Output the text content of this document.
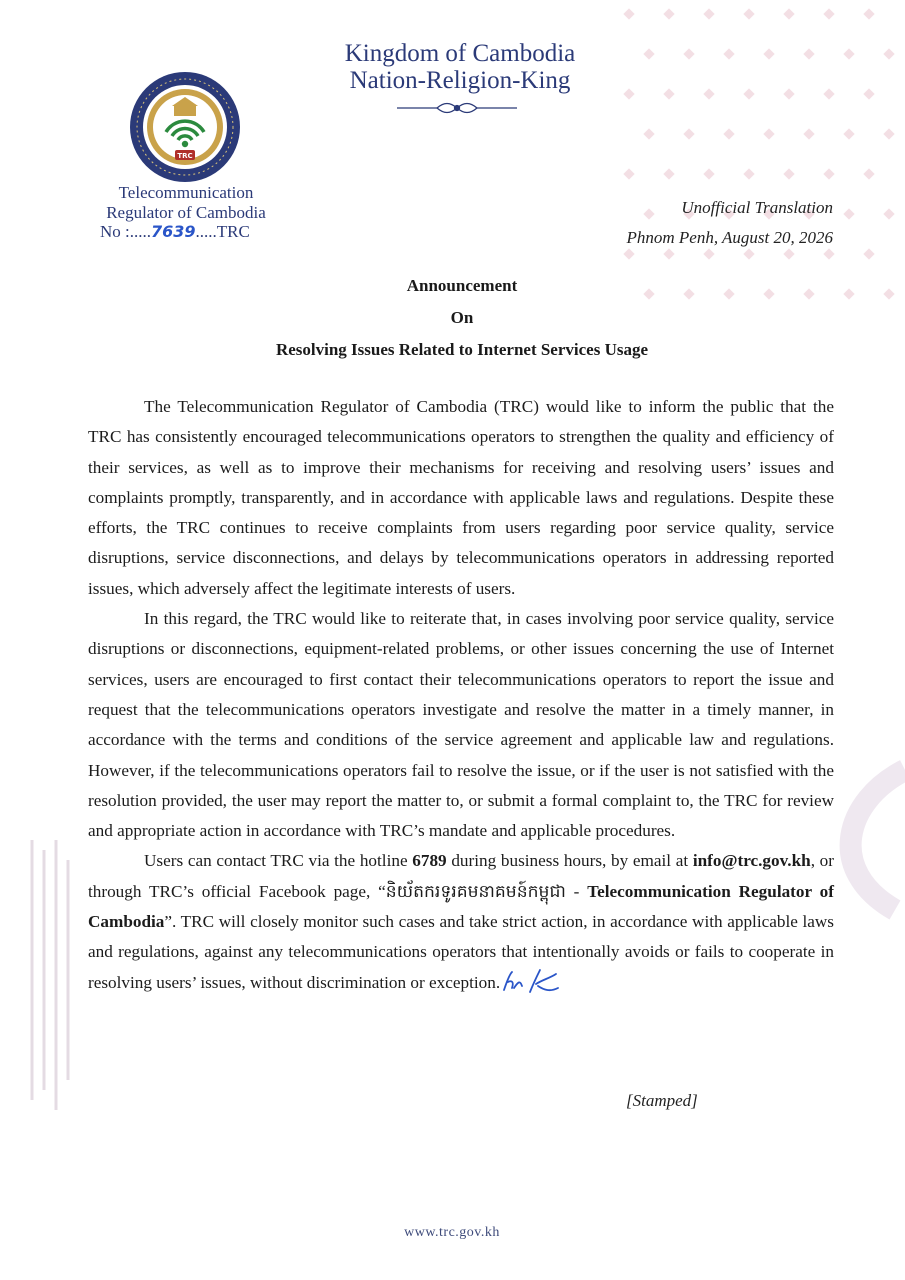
Kingdom of Cambodia
Nation-Religion-King
TRC
Telecommunication
Regulator of Cambodia
No :.....7639.....TRC
Unofficial Translation
Phnom Penh, August 20, 2026
Announcement
On
Resolving Issues Related to Internet Services Usage

The Telecommunication Regulator of Cambodia (TRC) would like to inform the public that the TRC has consistently encouraged telecommunications operators to strengthen the quality and efficiency of their services, as well as to improve their mechanisms for receiving and resolving users’ issues and complaints promptly, transparently, and in accordance with applicable laws and regulations. Despite these efforts, the TRC continues to receive complaints from users regarding poor service quality, service disruptions, service disconnections, and delays by telecommunications operators in addressing reported issues, which adversely affect the legitimate interests of users.

In this regard, the TRC would like to reiterate that, in cases involving poor service quality, service disruptions or disconnections, equipment-related problems, or other issues concerning the use of Internet services, users are encouraged to first contact their telecommunications operators to report the issue and request that the telecommunications operators investigate and resolve the matter in a timely manner, in accordance with the terms and conditions of the service agreement and applicable law and regulations. However, if the telecommunications operators fail to resolve the issue, or if the user is not satisfied with the resolution provided, the user may report the matter to, or submit a formal complaint to, the TRC for review and appropriate action in accordance with TRC’s mandate and applicable procedures.

Users can contact TRC via the hotline 6789 during business hours, by email at info@trc.gov.kh, or through TRC’s official Facebook page, “និយ័តករទូរគមនាគមន៍កម្ពុជា - Telecommunication Regulator of Cambodia”. TRC will closely monitor such cases and take strict action, in accordance with applicable laws and regulations, against any telecommunications operators that intentionally avoids or fails to cooperate in resolving users’ issues, without discrimination or exception.

[Stamped]
www.trc.gov.kh
